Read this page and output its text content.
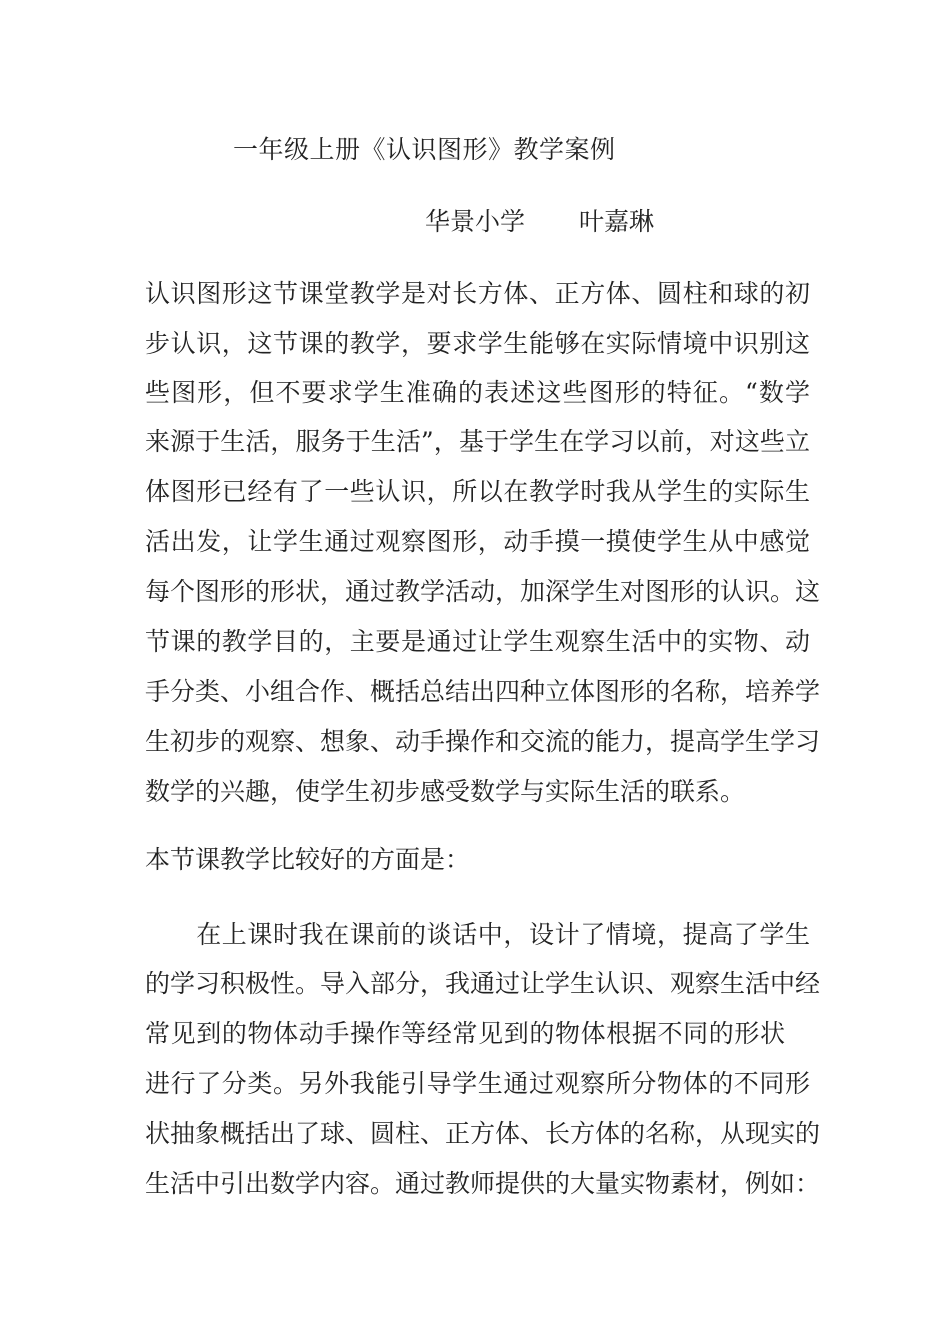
一年级上册《认识图形》教学案例
华景小学 叶嘉琳
认识图形这节课堂教学是对长方体、正方体、圆柱和球的初
步认识，这节课的教学，要求学生能够在实际情境中识别这
些图形，但不要求学生准确的表述这些图形的特征。“数学
来源于生活，服务于生活”，基于学生在学习以前，对这些立
体图形已经有了一些认识，所以在教学时我从学生的实际生
活出发，让学生通过观察图形，动手摸一摸使学生从中感觉
每个图形的形状，通过教学活动，加深学生对图形的认识。这
节课的教学目的，主要是通过让学生观察生活中的实物、动
手分类、小组合作、概括总结出四种立体图形的名称，培养学
生初步的观察、想象、动手操作和交流的能力，提高学生学习
数学的兴趣，使学生初步感受数学与实际生活的联系。
本节课教学比较好的方面是：
　　在上课时我在课前的谈话中，设计了情境，提高了学生
的学习积极性。导入部分，我通过让学生认识、观察生活中经
常见到的物体动手操作等经常见到的物体根据不同的形状
进行了分类。另外我能引导学生通过观察所分物体的不同形
状抽象概括出了球、圆柱、正方体、长方体的名称，从现实的
生活中引出数学内容。通过教师提供的大量实物素材，例如：
